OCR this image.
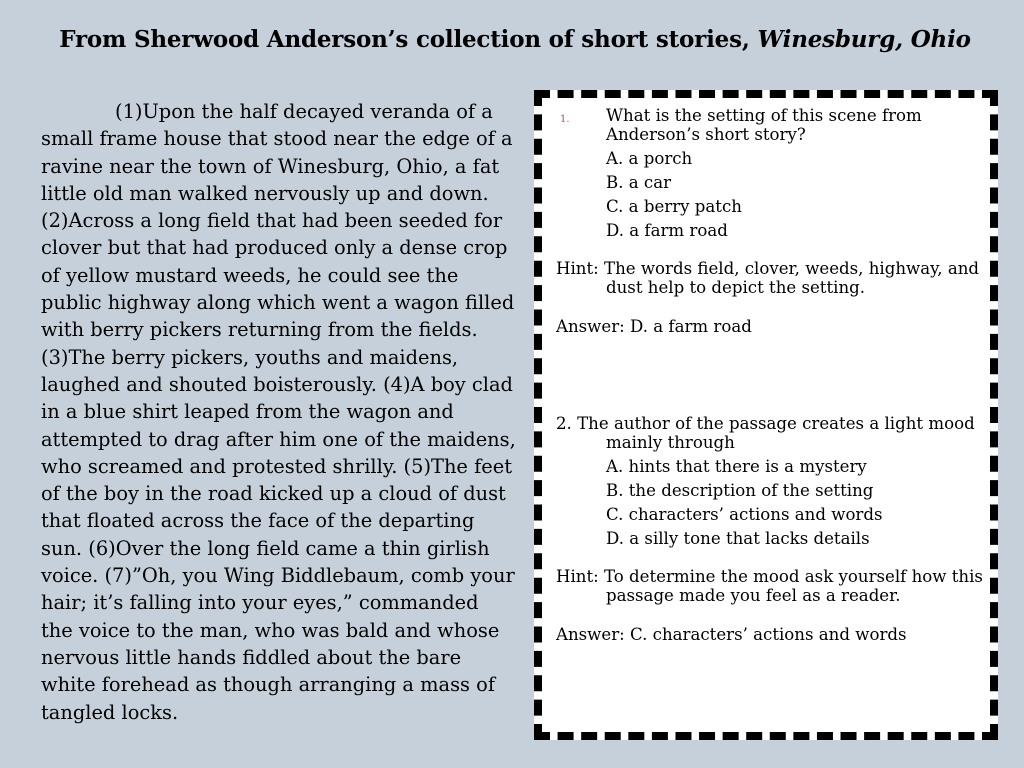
From Sherwood Anderson’s collection of short stories, Winesburg, Ohio

(1)Upon the half decayed veranda of a small frame house that stood near the edge of a ravine near the town of Winesburg, Ohio, a fat little old man walked nervously up and down. (2)Across a long field that had been seeded for clover but that had produced only a dense crop of yellow mustard weeds, he could see the public highway along which went a wagon filled with berry pickers returning from the fields. (3)The berry pickers, youths and maidens, laughed and shouted boisterously. (4)A boy clad in a blue shirt leaped from the wagon and attempted to drag after him one of the maidens, who screamed and protested shrilly. (5)The feet of the boy in the road kicked up a cloud of dust that floated across the face of the departing sun. (6)Over the long field came a thin girlish voice. (7)”Oh, you Wing Biddlebaum, comb your hair; it’s falling into your eyes,” commanded the voice to the man, who was bald and whose nervous little hands fiddled about the bare white forehead as though arranging a mass of tangled locks.

1. What is the setting of this scene from Anderson’s short story?
A. a porch
B. a car
C. a berry patch
D. a farm road
Hint: The words field, clover, weeds, highway, and dust help to depict the setting.
Answer: D. a farm road
2. The author of the passage creates a light mood mainly through
A. hints that there is a mystery
B. the description of the setting
C. characters’ actions and words
D. a silly tone that lacks details
Hint: To determine the mood ask yourself how this passage made you feel as a reader.
Answer: C. characters’ actions and words
